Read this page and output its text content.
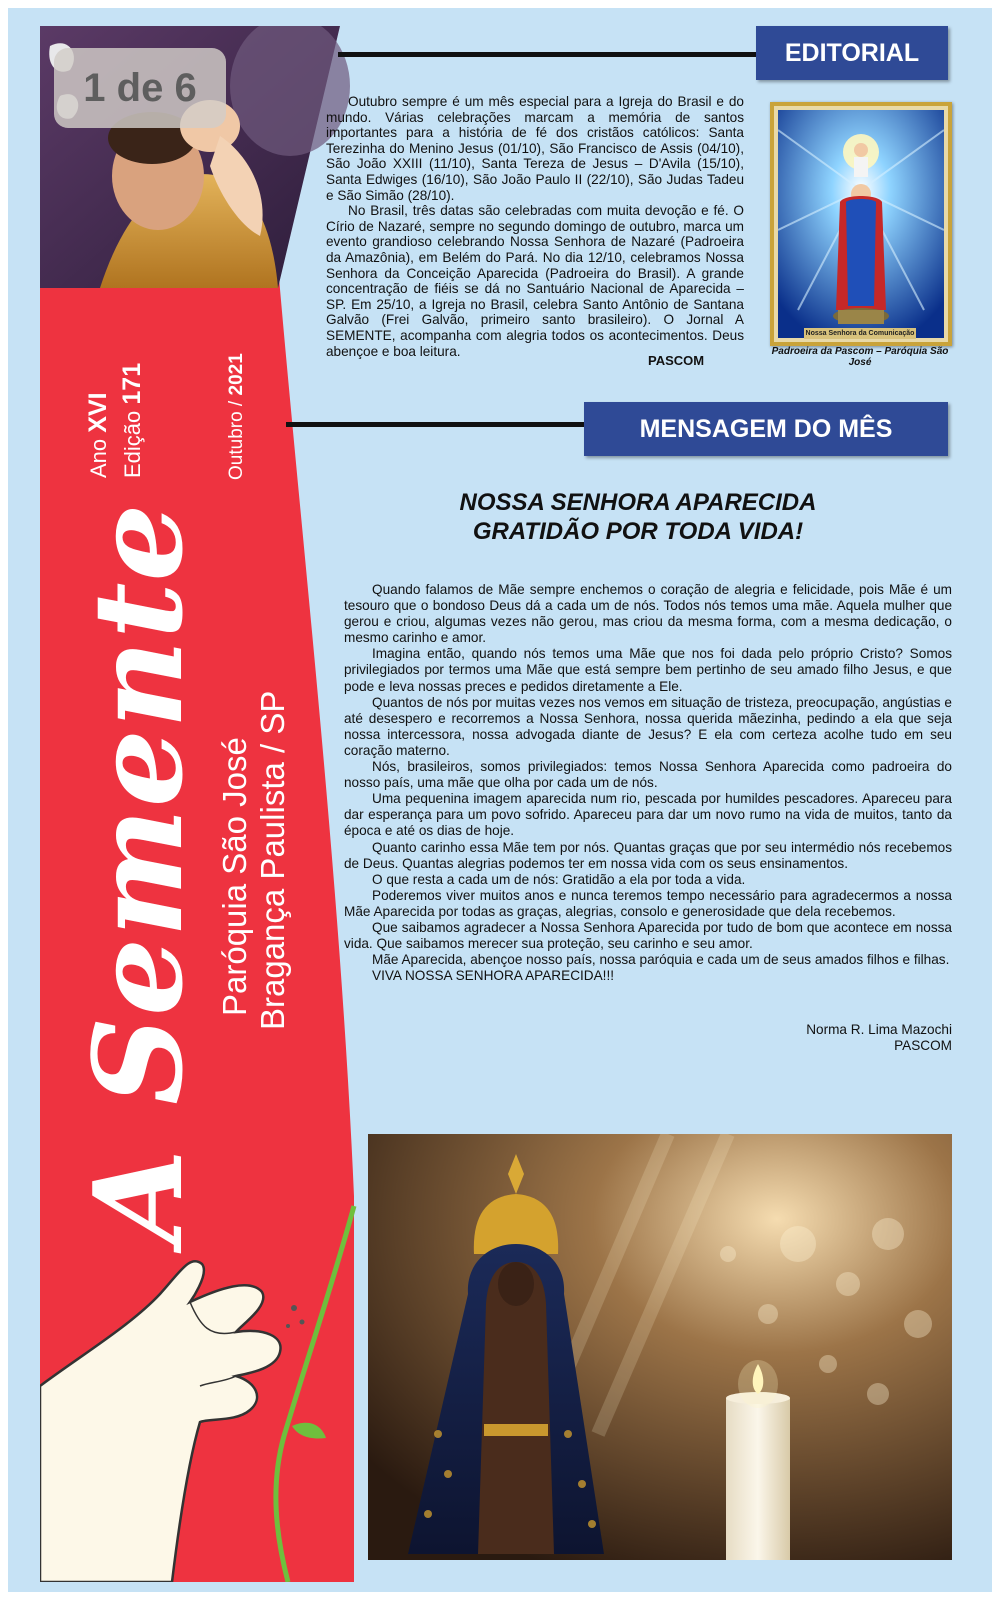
1 de 6
Ano XVI Edição 171
Outubro / 2021
A Semente Paróquia São José Bragança Paulista / SP
EDITORIAL

Outubro sempre é um mês especial para a Igreja do Brasil e do mundo. Várias celebrações marcam a memória de santos importantes para a história de fé dos cristãos católicos: Santa Terezinha do Menino Jesus (01/10), São Francisco de Assis (04/10), São João XXIII (11/10), Santa Tereza de Jesus – D'Avila (15/10), Santa Edwiges (16/10), São João Paulo II (22/10), São Judas Tadeu e São Simão (28/10).

No Brasil, três datas são celebradas com muita devoção e fé. O Círio de Nazaré, sempre no segundo domingo de outubro, marca um evento grandioso celebrando Nossa Senhora de Nazaré (Padroeira da Amazônia), em Belém do Pará. No dia 12/10, celebramos Nossa Senhora da Conceição Aparecida (Padroeira do Brasil). A grande concentração de fiéis se dá no Santuário Nacional de Aparecida – SP. Em 25/10, a Igreja no Brasil, celebra Santo Antônio de Santana Galvão (Frei Galvão, primeiro santo brasileiro). O Jornal A SEMENTE, acompanha com alegria todos os acontecimentos. Deus abençoe e boa leitura.

PASCOM
Nossa Senhora da Comunicação
Padroeira da Pascom – Paróquia São José
MENSAGEM DO MÊS
NOSSA SENHORA APARECIDA
GRATIDÃO POR TODA VIDA!

Quando falamos de Mãe sempre enchemos o coração de alegria e felicidade, pois Mãe é um tesouro que o bondoso Deus dá a cada um de nós. Todos nós temos uma mãe. Aquela mulher que gerou e criou, algumas vezes não gerou, mas criou da mesma forma, com a mesma dedicação, o mesmo carinho e amor.

Imagina então, quando nós temos uma Mãe que nos foi dada pelo próprio Cristo? Somos privilegiados por termos uma Mãe que está sempre bem pertinho de seu amado filho Jesus, e que pode e leva nossas preces e pedidos diretamente a Ele.

Quantos de nós por muitas vezes nos vemos em situação de tristeza, preocupação, angústias e até desespero e recorremos a Nossa Senhora, nossa querida mãezinha, pedindo a ela que seja nossa intercessora, nossa advogada diante de Jesus? E ela com certeza acolhe tudo em seu coração materno.

Nós, brasileiros, somos privilegiados: temos Nossa Senhora Aparecida como padroeira do nosso país, uma mãe que olha por cada um de nós.

Uma pequenina imagem aparecida num rio, pescada por humildes pescadores. Apareceu para dar esperança para um povo sofrido. Apareceu para dar um novo rumo na vida de muitos, tanto da época e até os dias de hoje.

Quanto carinho essa Mãe tem por nós. Quantas graças que por seu intermédio nós recebemos de Deus. Quantas alegrias podemos ter em nossa vida com os seus ensinamentos.

O que resta a cada um de nós: Gratidão a ela por toda a vida.

Poderemos viver muitos anos e nunca teremos tempo necessário para agradecermos a nossa Mãe Aparecida por todas as graças, alegrias, consolo e generosidade que dela recebemos.

Que saibamos agradecer a Nossa Senhora Aparecida por tudo de bom que acontece em nossa vida. Que saibamos merecer sua proteção, seu carinho e seu amor.

Mãe Aparecida, abençoe nosso país, nossa paróquia e cada um de seus amados filhos e filhas.

VIVA NOSSA SENHORA APARECIDA!!!

Norma R. Lima Mazochi
PASCOM
